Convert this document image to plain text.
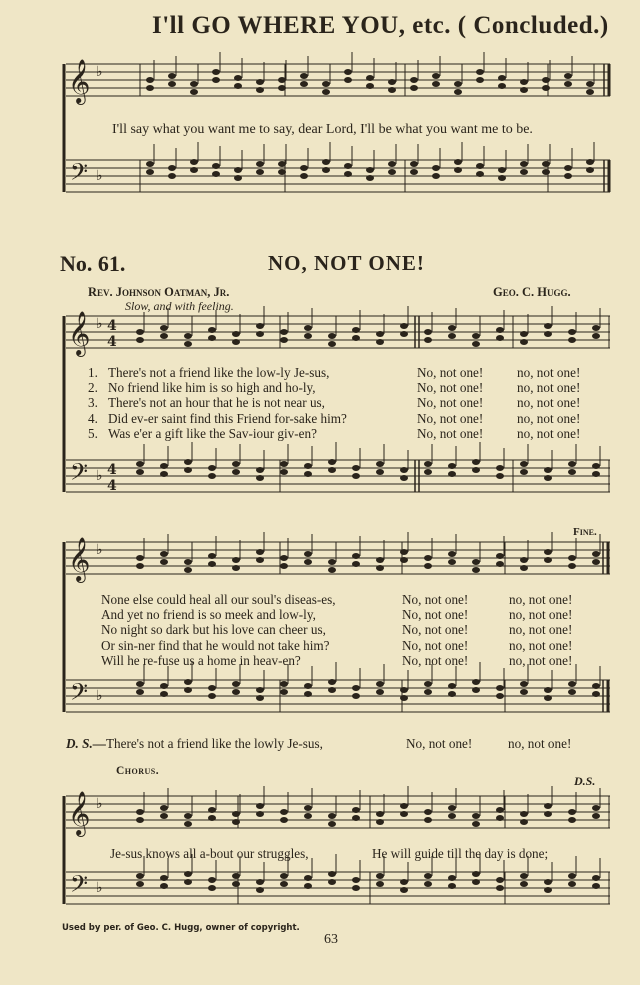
𝄞
𝄢
𝄞
𝄢
𝄞
𝄢
𝄞
𝄢
♭
♭
♭
♭
♭
♭
♭
♭
4
4
4
4
I'll GO WHERE YOU, etc. ( Concluded.)
I'll say what you want me to say, dear Lord, I'll be what you want me to be.
No. 61.	NO, NOT ONE!
Rev. Johnson Oatman, Jr.	Geo. C. Hugg.
Slow, and with feeling.
1. There's not a friend like the low-ly Je-sus,	No, not one!	no, not one!
2. No friend like him is so high and ho-ly,	No, not one!	no, not one!
3. There's not an hour that he is not near us,	No, not one!	no, not one!
4. Did ev-er saint find this Friend for-sake him?	No, not one!	no, not one!
5. Was e'er a gift like the Sav-iour giv-en?	No, not one!	no, not one!
Fine.
None else could heal all our soul's diseas-es,	No, not one!	no, not one!
And yet no friend is so meek and low-ly,	No, not one!	no, not one!
No night so dark but his love can cheer us,	No, not one!	no, not one!
Or sin-ner find that he would not take him?	No, not one!	no, not one!
Will he re-fuse us a home in heav-en?	No, not one!	no, not one!
D. S.—There's not a friend like the lowly Je-sus,	No, not one!	no, not one!
Chorus.
D.S.
Je-sus knows all a-bout our struggles,	He will guide till the day is done;
Used by per. of Geo. C. Hugg, owner of copyright.
63
